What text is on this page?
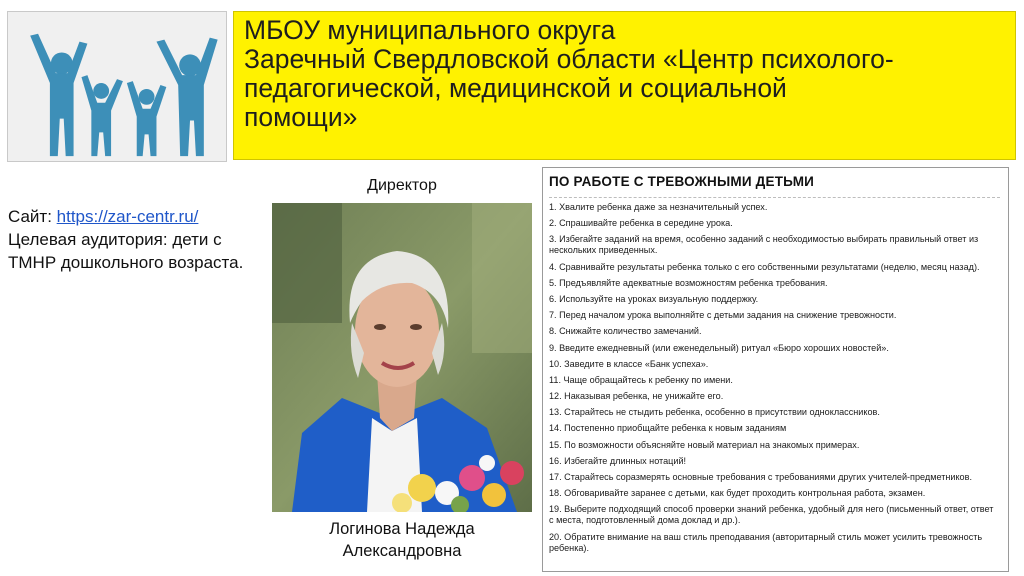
МБОУ муниципального округа
Заречный Свердловской области «Центр психолого-
педагогической, медицинской и социальной
помощи»
Сайт: https://zar-centr.ru/
Целевая аудитория: дети с
ТМНР дошкольного возраста.
Директор
Логинова Надежда
Александровна
ПО РАБОТЕ С ТРЕВОЖНЫМИ ДЕТЬМИ
1. Хвалите ребенка даже за незначительный успех.
2. Спрашивайте ребенка в середине урока.
3. Избегайте заданий на время, особенно заданий с необходимостью выбирать правильный ответ из нескольких приведенных.
4. Сравнивайте результаты ребенка только с его собственными результатами (неделю, месяц назад).
5. Предъявляйте адекватные возможностям ребенка требования.
6. Используйте на уроках визуальную поддержку.
7. Перед началом урока выполняйте с детьми задания на снижение тревожности.
8. Снижайте количество замечаний.
9. Введите ежедневный (или еженедельный) ритуал «Бюро хороших новостей».
10. Заведите в классе «Банк успеха».
11. Чаще обращайтесь к ребенку по имени.
12. Наказывая ребенка, не унижайте его.
13. Старайтесь не стыдить ребенка, особенно в присутствии одноклассников.
14. Постепенно приобщайте ребенка к новым заданиям
15. По возможности объясняйте новый материал на знакомых примерах.
16. Избегайте длинных нотаций!
17. Старайтесь соразмерять основные требования с требованиями других учителей-предметников.
18. Обговаривайте заранее с детьми, как будет проходить контрольная работа, экзамен.
19. Выберите подходящий способ проверки знаний ребенка, удобный для него (письменный ответ, ответ с места, подготовленный дома доклад и др.).
20. Обратите внимание на ваш стиль преподавания (авторитарный стиль может усилить тревожность ребенка).
